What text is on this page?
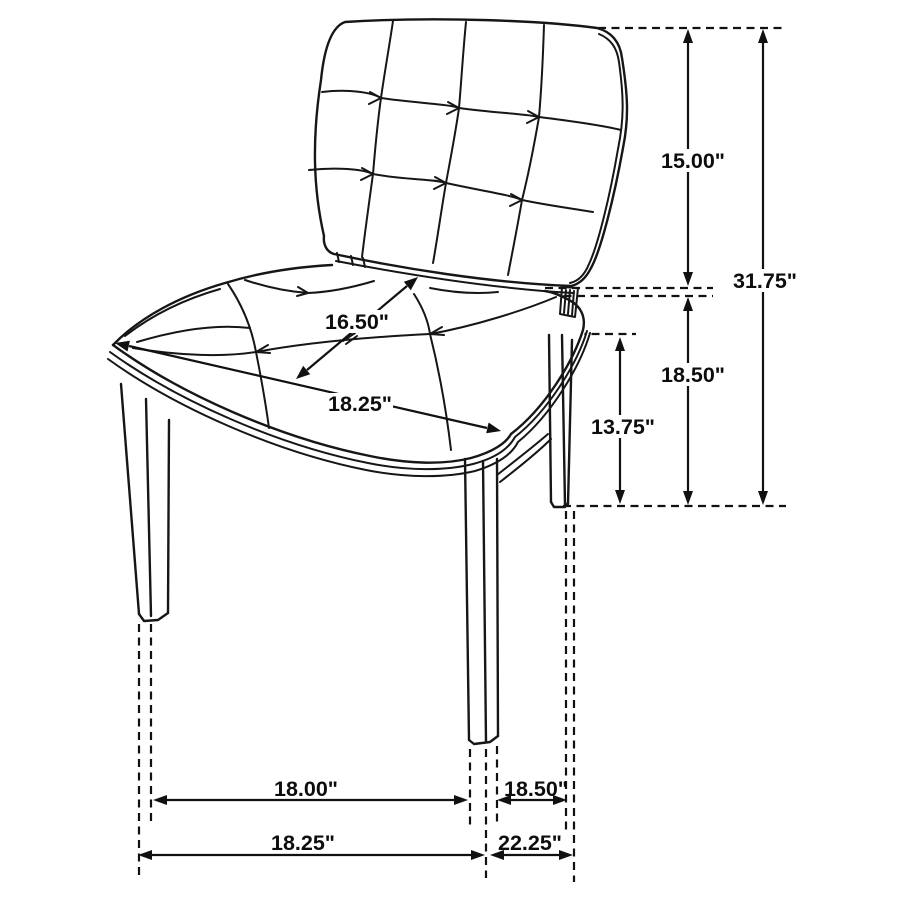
18.00"
18.25"
18.50"
22.25"
15.00"
31.75"
18.50"
13.75"
16.50"
18.25"
